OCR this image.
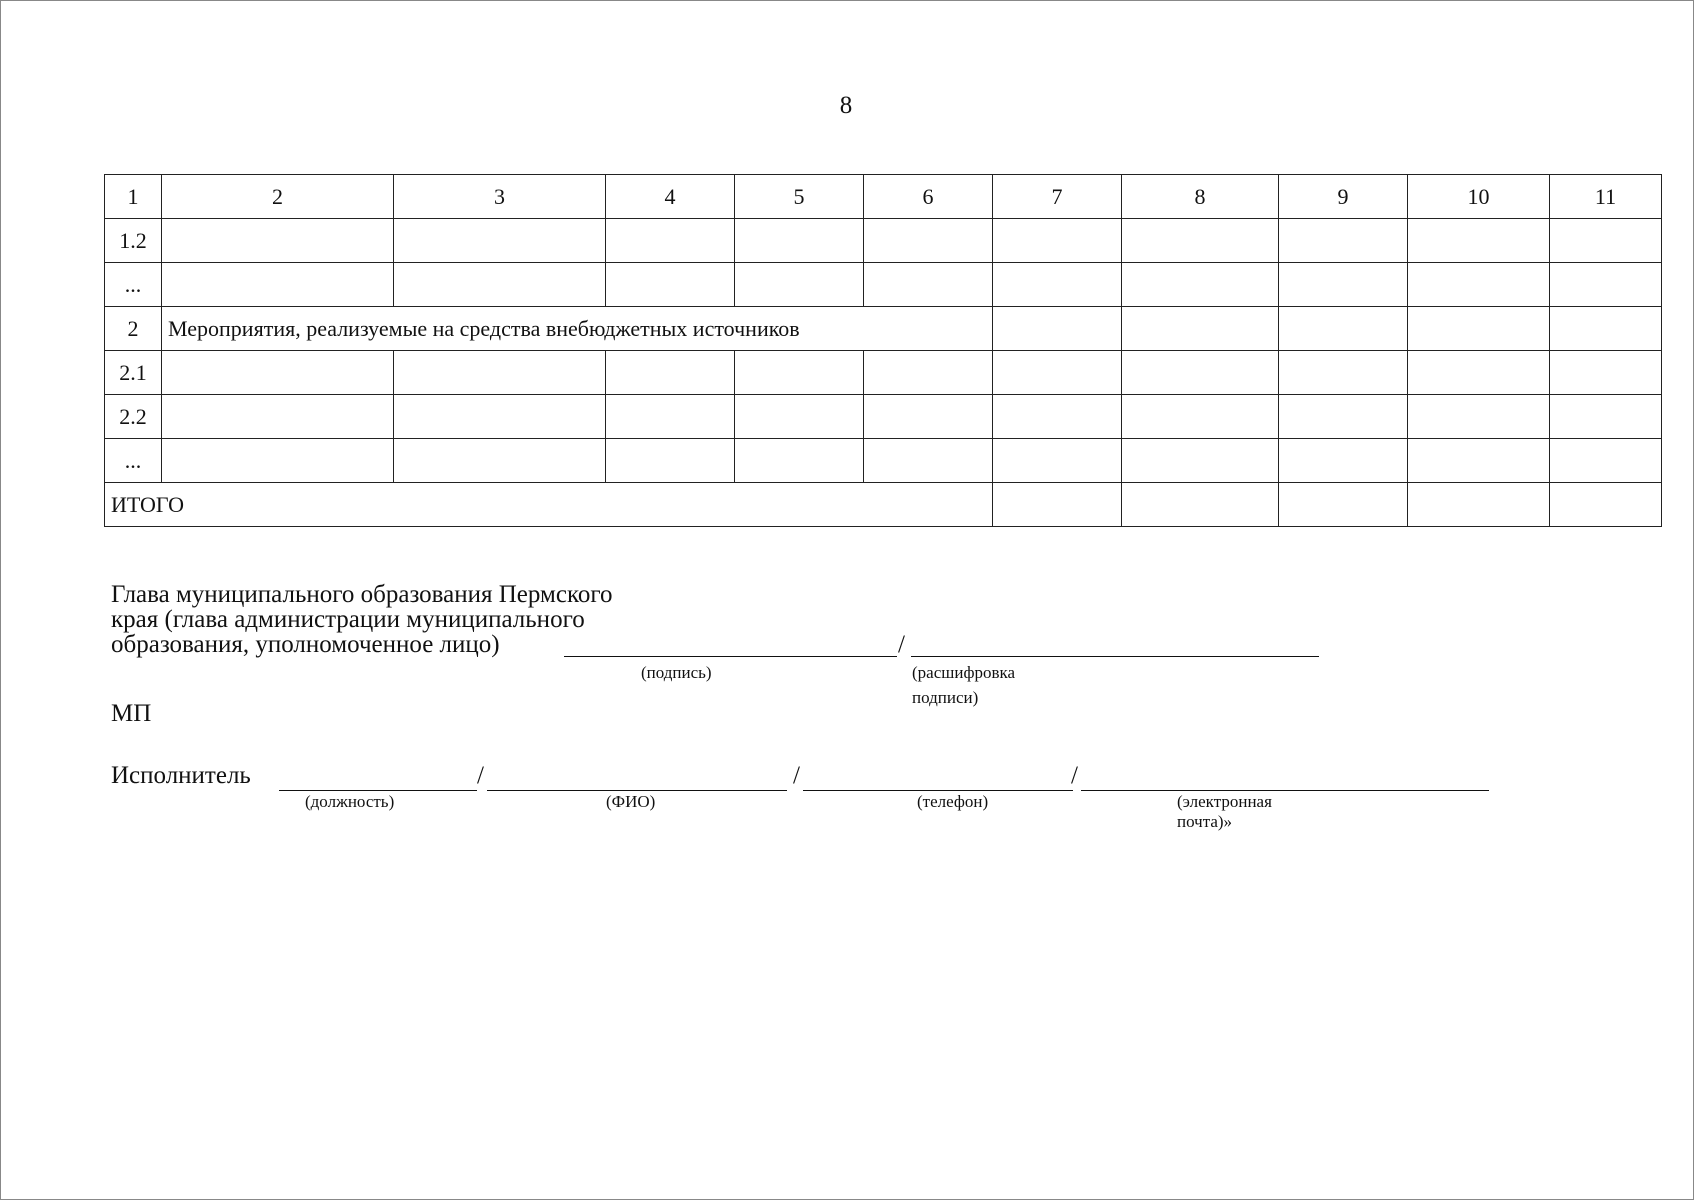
8
1	2	3	4	5	6	7	8	9	10	11
1.2										
...										
2	Мероприятия, реализуемые на средства внебюджетных источников									
2.1										
2.2										
...										
ИТОГО										
Глава муниципального образования Пермского
края (глава администрации муниципального
образования, уполномоченное лицо)	/
(подпись)	(расшифровка подписи)
МП
Исполнитель	/	/	/
(должность)	(ФИО)	(телефон)	(электронная почта)»
